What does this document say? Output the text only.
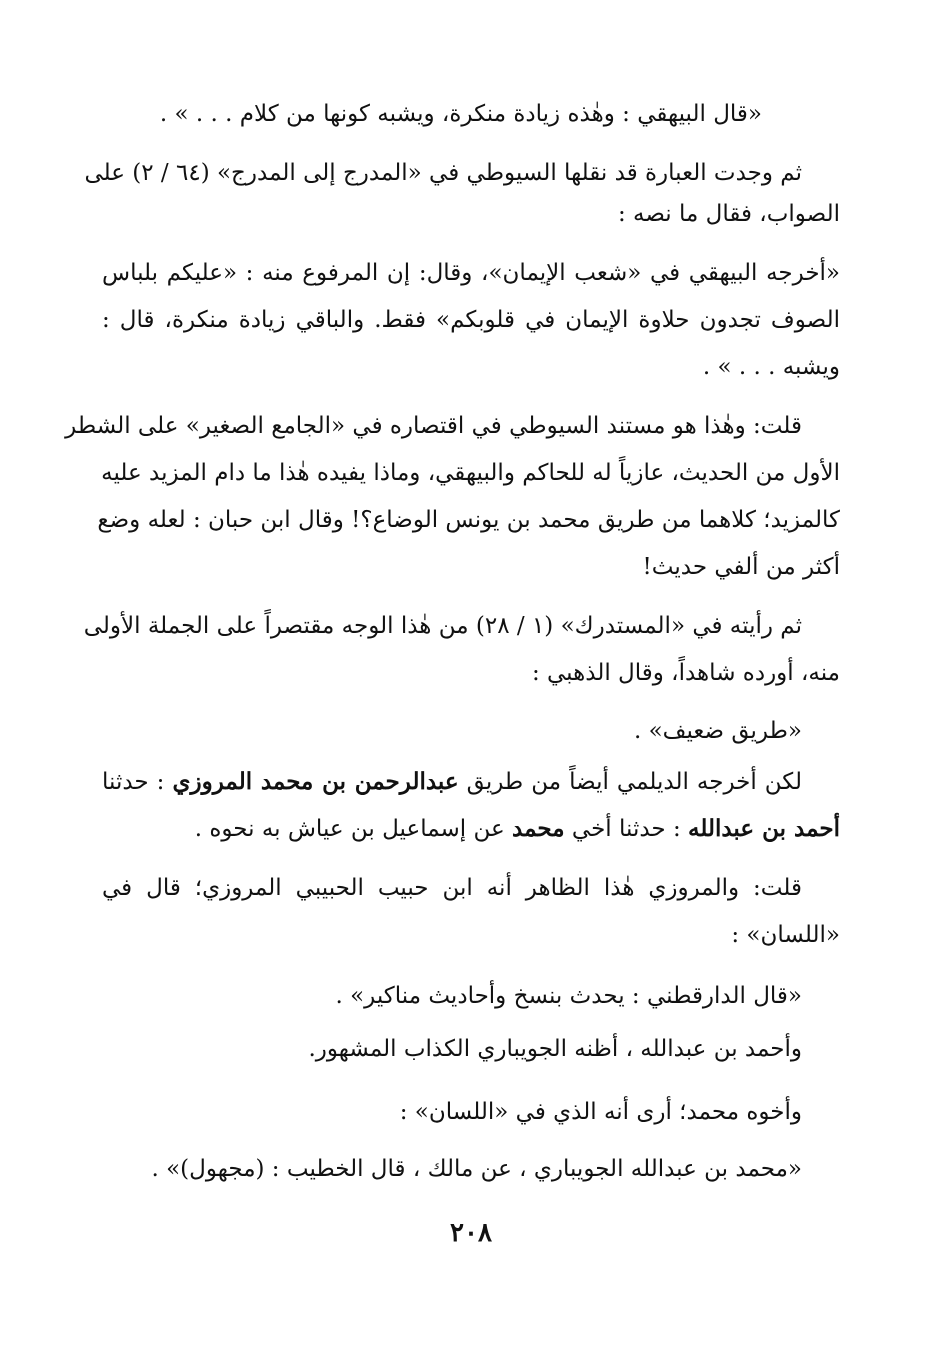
«قال البيهقي : وهٰذه زيادة منكرة، ويشبه كونها من كلام . . . » .
ثم وجدت العبارة قد نقلها السيوطي في «المدرج إلى المدرج» (٦٤ / ٢) على
الصواب، فقال ما نصه :
«أخرجه البيهقي في «شعب الإيمان»، وقال: إن المرفوع منه : «عليكم بلباس
الصوف تجدون حلاوة الإيمان في قلوبكم» فقط. والباقي زيادة منكرة، قال :
ويشبه . . . » .
قلت: وهٰذا هو مستند السيوطي في اقتصاره في «الجامع الصغير» على الشطر
الأول من الحديث، عازياً له للحاكم والبيهقي، وماذا يفيده هٰذا ما دام المزيد عليه
كالمزيد؛ كلاهما من طريق محمد بن يونس الوضاع؟! وقال ابن حبان : لعله وضع
أكثر من ألفي حديث!
ثم رأيته في «المستدرك» (١ / ٢٨) من هٰذا الوجه مقتصراً على الجملة الأولى
منه، أورده شاهداً، وقال الذهبي :
«طريق ضعيف» .
لكن أخرجه الديلمي أيضاً من طريق عبدالرحمن بن محمد المروزي : حدثنا
أحمد بن عبدالله : حدثنا أخي محمد عن إسماعيل بن عياش به نحوه .
قلت: والمروزي هٰذا الظاهر أنه ابن حبيب الحبيبي المروزي؛ قال في
«اللسان» :
«قال الدارقطني : يحدث بنسخ وأحاديث مناكير» .
وأحمد بن عبدالله ، أظنه الجويباري الكذاب المشهور.
وأخوه محمد؛ أرى أنه الذي في «اللسان» :
«محمد بن عبدالله الجويباري ، عن مالك ، قال الخطيب : (مجهول)» .
٢٠٨
